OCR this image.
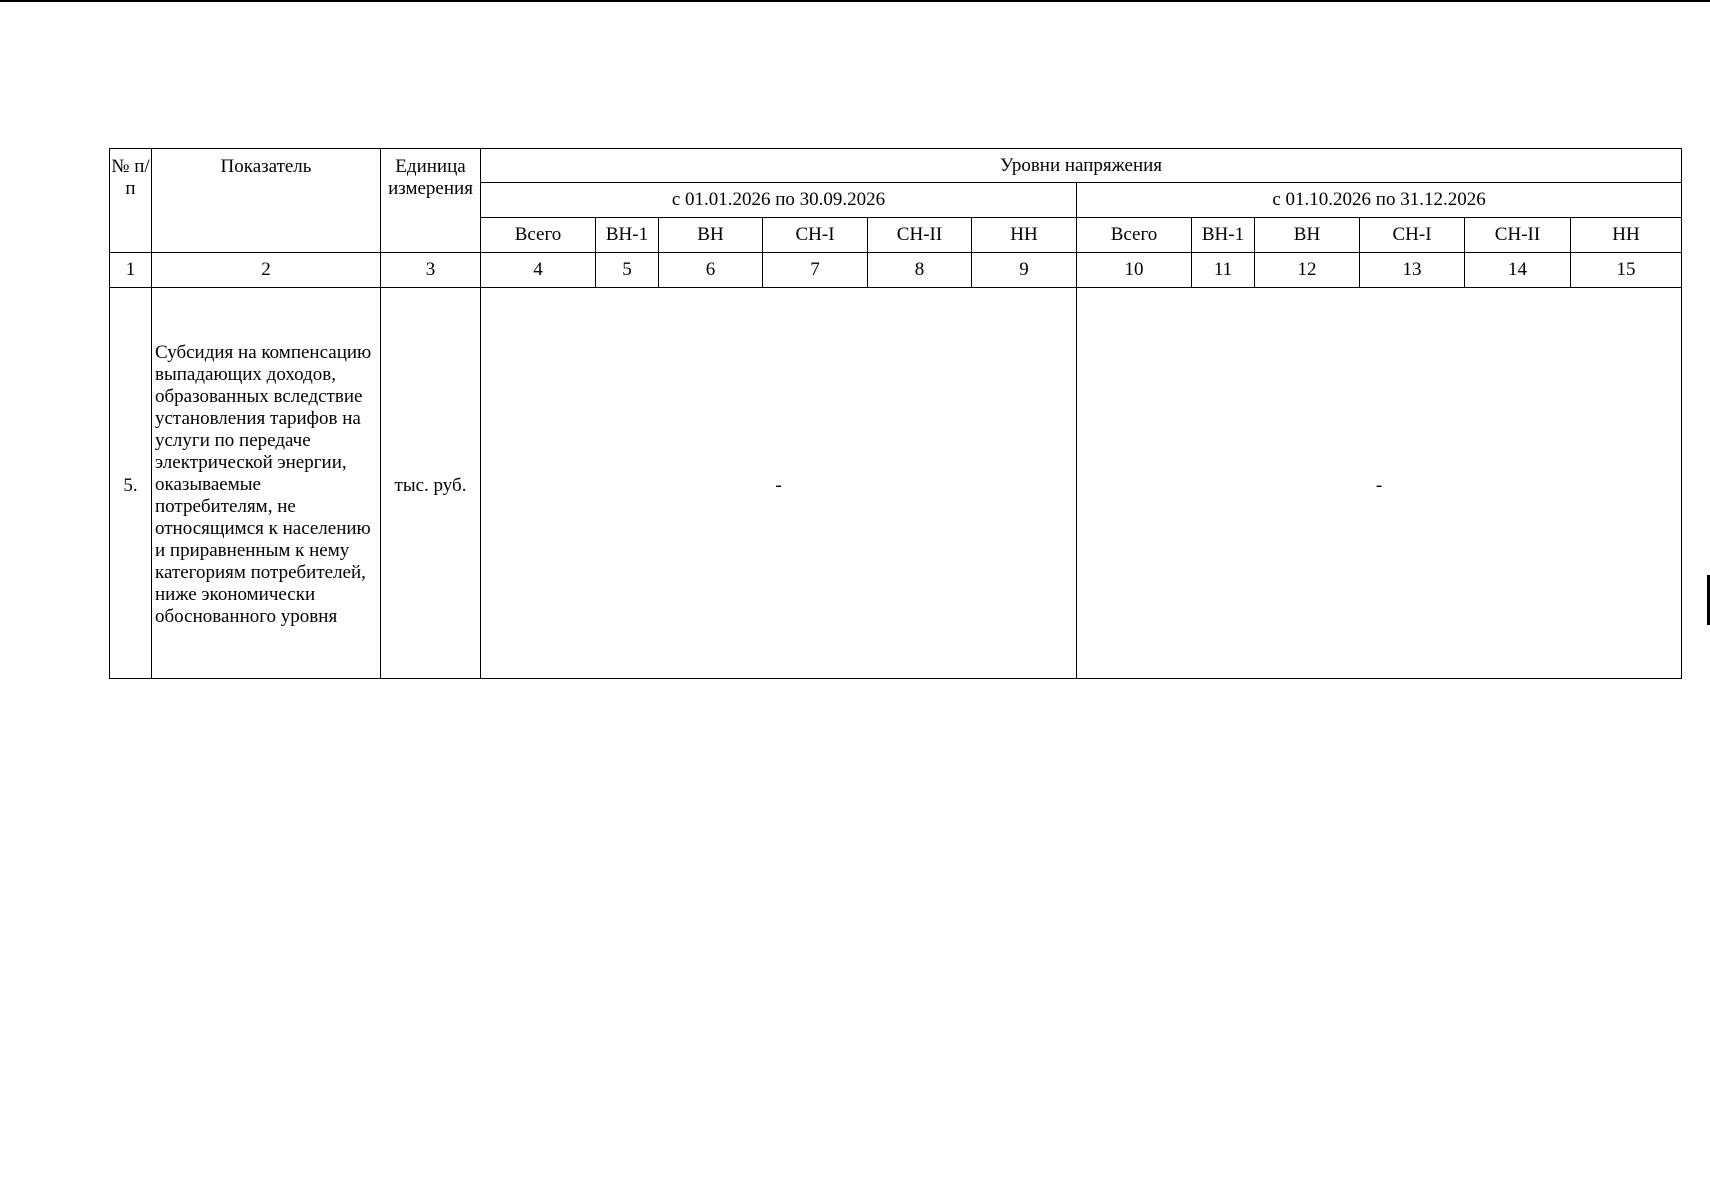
№ п/п	Показатель	Единица измерения	Уровни напряжения											
			с 01.01.2026 по 30.09.2026						с 01.10.2026 по 31.12.2026					
			Всего	ВН-1	ВН	СН-I	СН-II	НН	Всего	ВН-1	ВН	СН-I	СН-II	НН
1	2	3	4	5	6	7	8	9	10	11	12	13	14	15
5.	Субсидия на компенсацию выпадающих доходов, образованных вследствие установления тарифов на услуги по передаче электрической энергии, оказываемые потребителям, не относящимся к населению и приравненным к нему категориям потребителей, ниже экономически обоснованного уровня	тыс. руб.	-						-					
